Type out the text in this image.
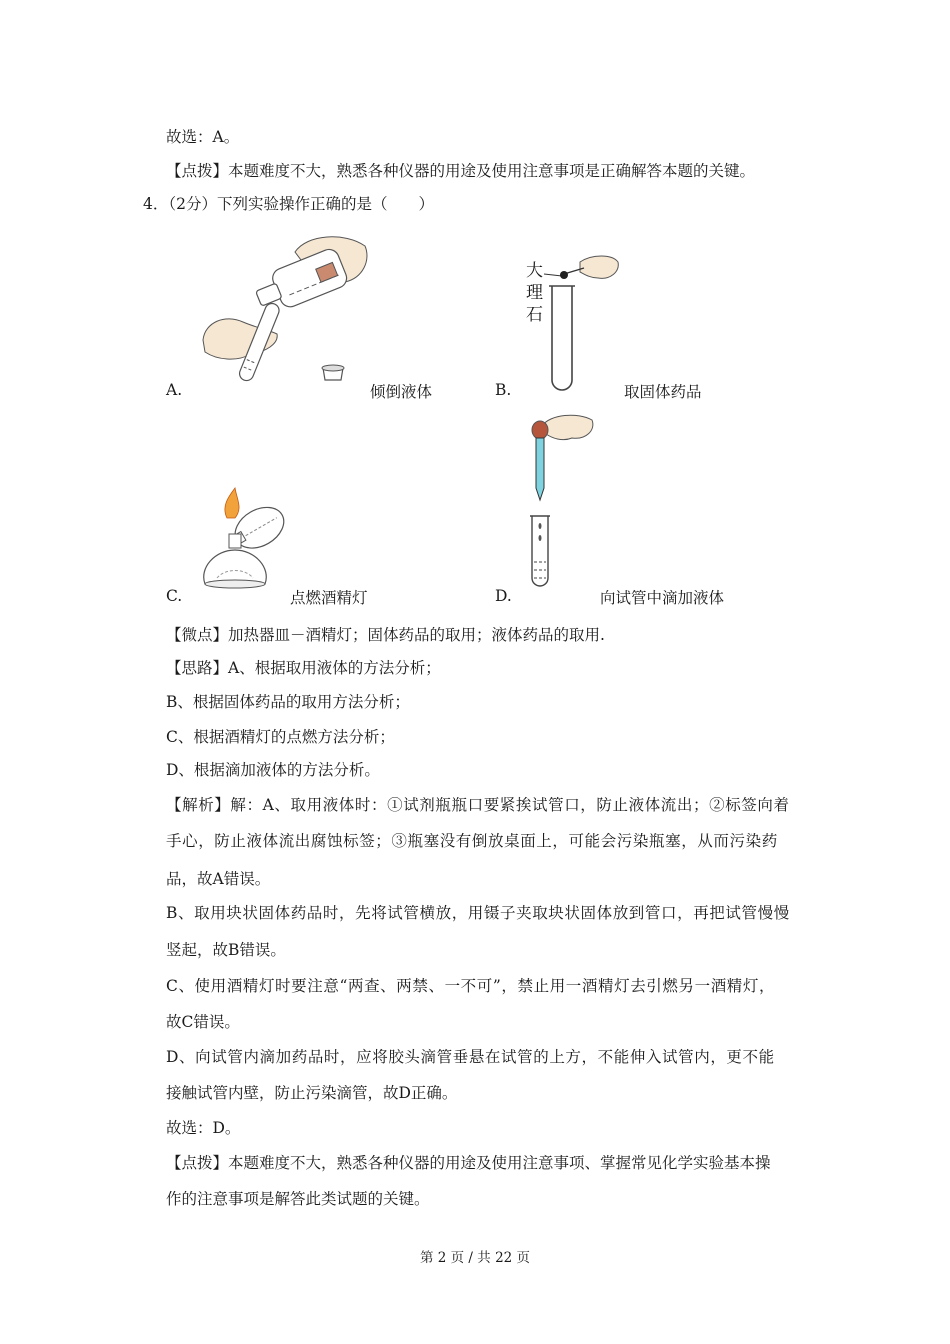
故选：A。
【点拨】本题难度不大，熟悉各种仪器的用途及使用注意事项是正确解答本题的关键。
4．（2分）下列实验操作正确的是（　　）
A.	倾倒液体
大
理
石
B.	取固体药品
C.	点燃酒精灯	D.	向试管中滴加液体
【微点】加热器皿－酒精灯；固体药品的取用；液体药品的取用.
【思路】A、根据取用液体的方法分析；
B、根据固体药品的取用方法分析；
C、根据酒精灯的点燃方法分析；
D、根据滴加液体的方法分析。
【解析】解：A、取用液体时：①试剂瓶瓶口要紧挨试管口，防止液体流出；②标签向着
手心，防止液体流出腐蚀标签；③瓶塞没有倒放桌面上，可能会污染瓶塞，从而污染药
品，故A错误。
B、取用块状固体药品时，先将试管横放，用镊子夹取块状固体放到管口，再把试管慢慢
竖起，故B错误。
C、使用酒精灯时要注意“两查、两禁、一不可”，禁止用一酒精灯去引燃另一酒精灯，
故C错误。
D、向试管内滴加药品时，应将胶头滴管垂悬在试管的上方，不能伸入试管内，更不能
接触试管内壁，防止污染滴管，故D正确。
故选：D。
【点拨】本题难度不大，熟悉各种仪器的用途及使用注意事项、掌握常见化学实验基本操
作的注意事项是解答此类试题的关键。
第 2 页 / 共 22 页
